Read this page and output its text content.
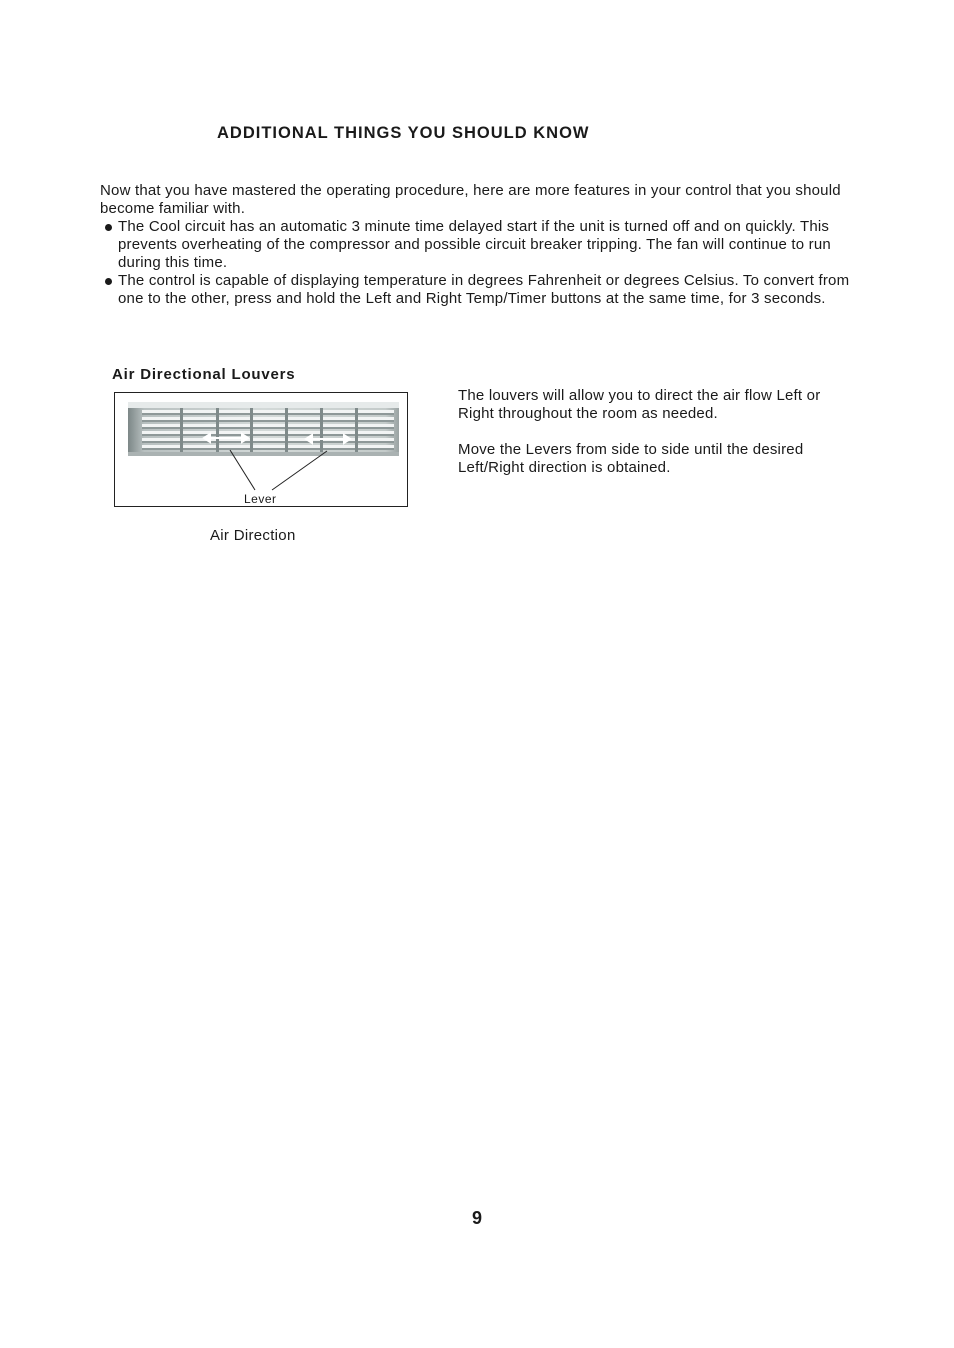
ADDITIONAL THINGS YOU SHOULD KNOW
Now that you have mastered the operating procedure, here are more features in your control that you should become familiar with.
The Cool circuit has an automatic 3 minute time delayed start if the unit is turned off and on quickly. This prevents overheating of the compressor and possible circuit breaker tripping. The fan will continue to run during this time.
The control is capable of displaying temperature in degrees Fahrenheit or degrees Celsius. To convert from one to the other, press and hold the Left and Right Temp/Timer buttons at the same time, for 3 seconds.
Air Directional Louvers
Lever
Air Direction

The louvers will allow you to direct the air flow Left or Right throughout the room as needed.

Move the Levers from side to side until the desired Left/Right direction is obtained.

9
